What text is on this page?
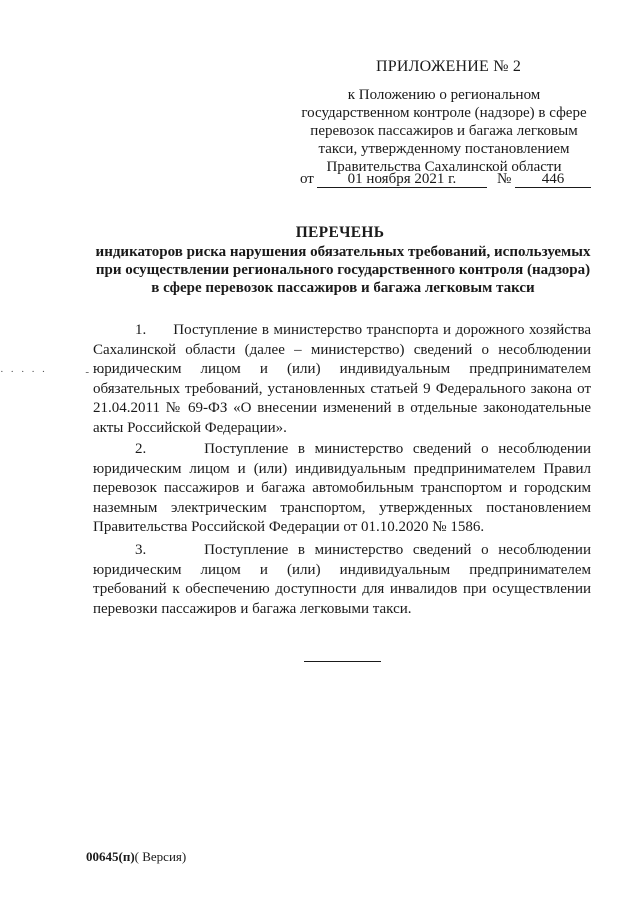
ПРИЛОЖЕНИЕ № 2
к Положению о региональном
государственном контроле (надзоре) в сфере
перевозок пассажиров и багажа легковым
такси, утвержденному постановлением
Правительства Сахалинской области
от	01 ноября 2021 г.	№	446
ПЕРЕЧЕНЬ
индикаторов риска нарушения обязательных требований, используемых
при осуществлении регионального государственного контроля (надзора)
в сфере перевозок пассажиров и багажа легковым такси
· · · · ·        -  - -

1.      Поступление в министерство транспорта и дорожного хозяйства Сахалинской области (далее – министерство) сведений о несоблюдении юридическим лицом и (или) индивидуальным предпринимателем обязательных требований, установленных статьей 9 Федерального закона от 21.04.2011 № 69-ФЗ «О внесении изменений в отдельные законодательные акты Российской Федерации».

2.      Поступление в министерство сведений о несоблюдении юридическим лицом и (или) индивидуальным предпринимателем Правил перевозок пассажиров и багажа автомобильным транспортом и городским наземным электрическим транспортом, утвержденных постановлением Правительства Российской Федерации от 01.10.2020 № 1586.

3.      Поступление в министерство сведений о несоблюдении юридическим лицом и (или) индивидуальным предпринимателем требований к обеспечению доступности для инвалидов при осуществлении перевозки пассажиров и багажа легковыми такси.

00645(п)( Версия)
